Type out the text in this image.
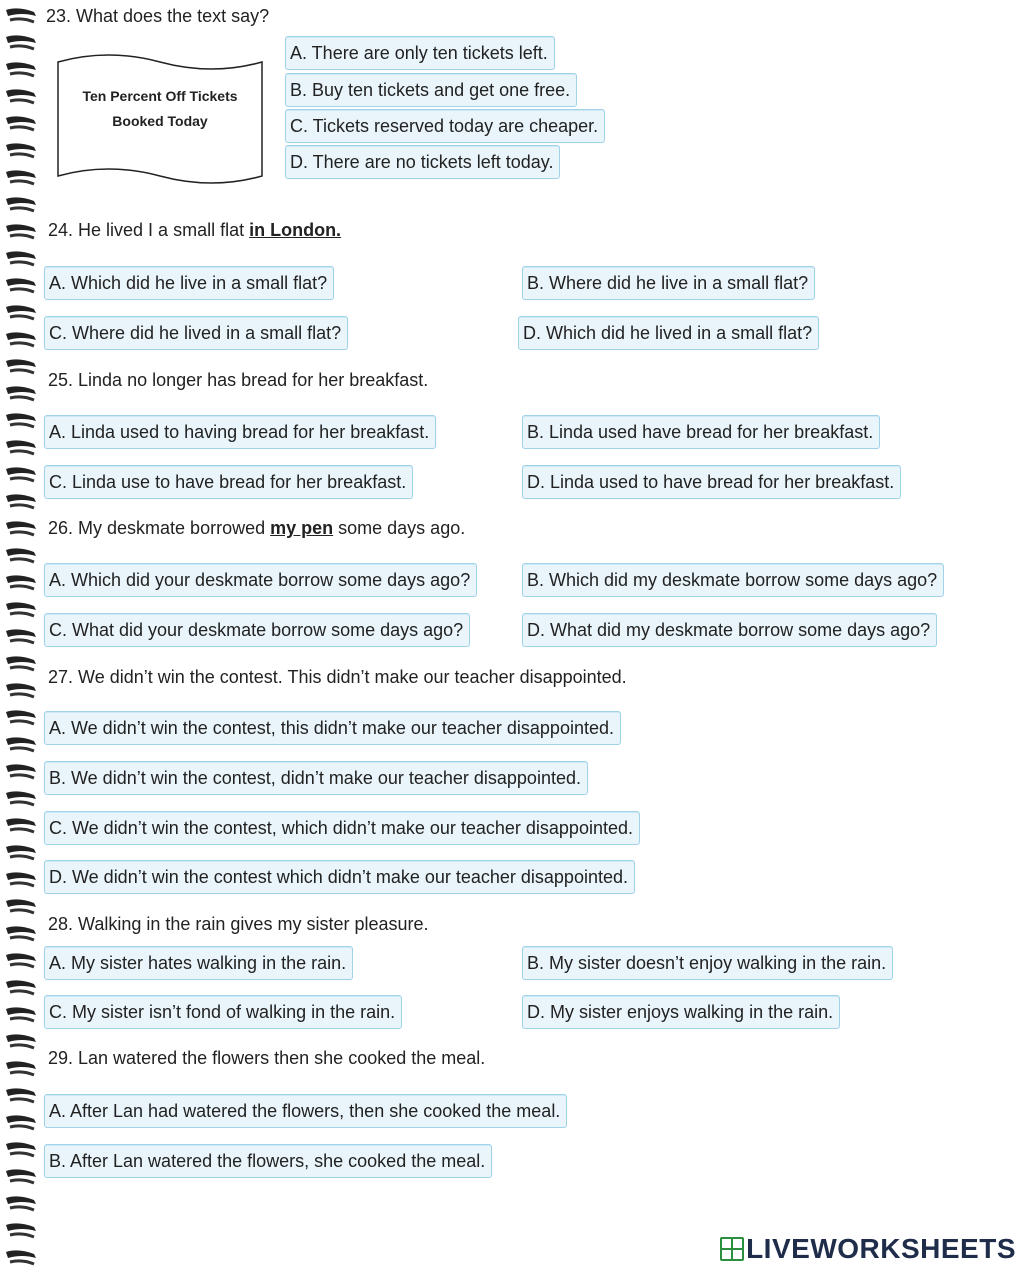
23. What does the text say?
Ten Percent Off Tickets
Booked Today
A. There are only ten tickets left.
B. Buy ten tickets and get one free.
C. Tickets reserved today are cheaper.
D. There are no tickets left today.
24. He lived I a small flat in London.
A. Which did he live in a small flat?	B. Where did he live in a small flat?
C. Where did he lived in a small flat?	D. Which did he lived in a small flat?
25. Linda no longer has bread for her breakfast.
A. Linda used to having bread for her breakfast.	B. Linda used have bread for her breakfast.
C. Linda use to have bread for her breakfast.	D. Linda used to have bread for her breakfast.
26. My deskmate borrowed my pen some days ago.
A. Which did your deskmate borrow some days ago?	B. Which did my deskmate borrow some days ago?
C. What did your deskmate borrow some days ago?	D. What did my deskmate borrow some days ago?
27. We didn’t win the contest. This didn’t make our teacher disappointed.
A. We didn’t win the contest, this didn’t make our teacher disappointed.
B. We didn’t win the contest, didn’t make our teacher disappointed.
C. We didn’t win the contest, which didn’t make our teacher disappointed.
D. We didn’t win the contest which didn’t make our teacher disappointed.
28. Walking in the rain gives my sister pleasure.
A. My sister hates walking in the rain.	B. My sister doesn’t enjoy walking in the rain.
C. My sister isn’t fond of walking in the rain.	D. My sister enjoys walking in the rain.
29. Lan watered the flowers then she cooked the meal.
A. After Lan had watered the flowers, then she cooked the meal.
B. After Lan watered the flowers, she cooked the meal.
LIVEWORKSHEETS
